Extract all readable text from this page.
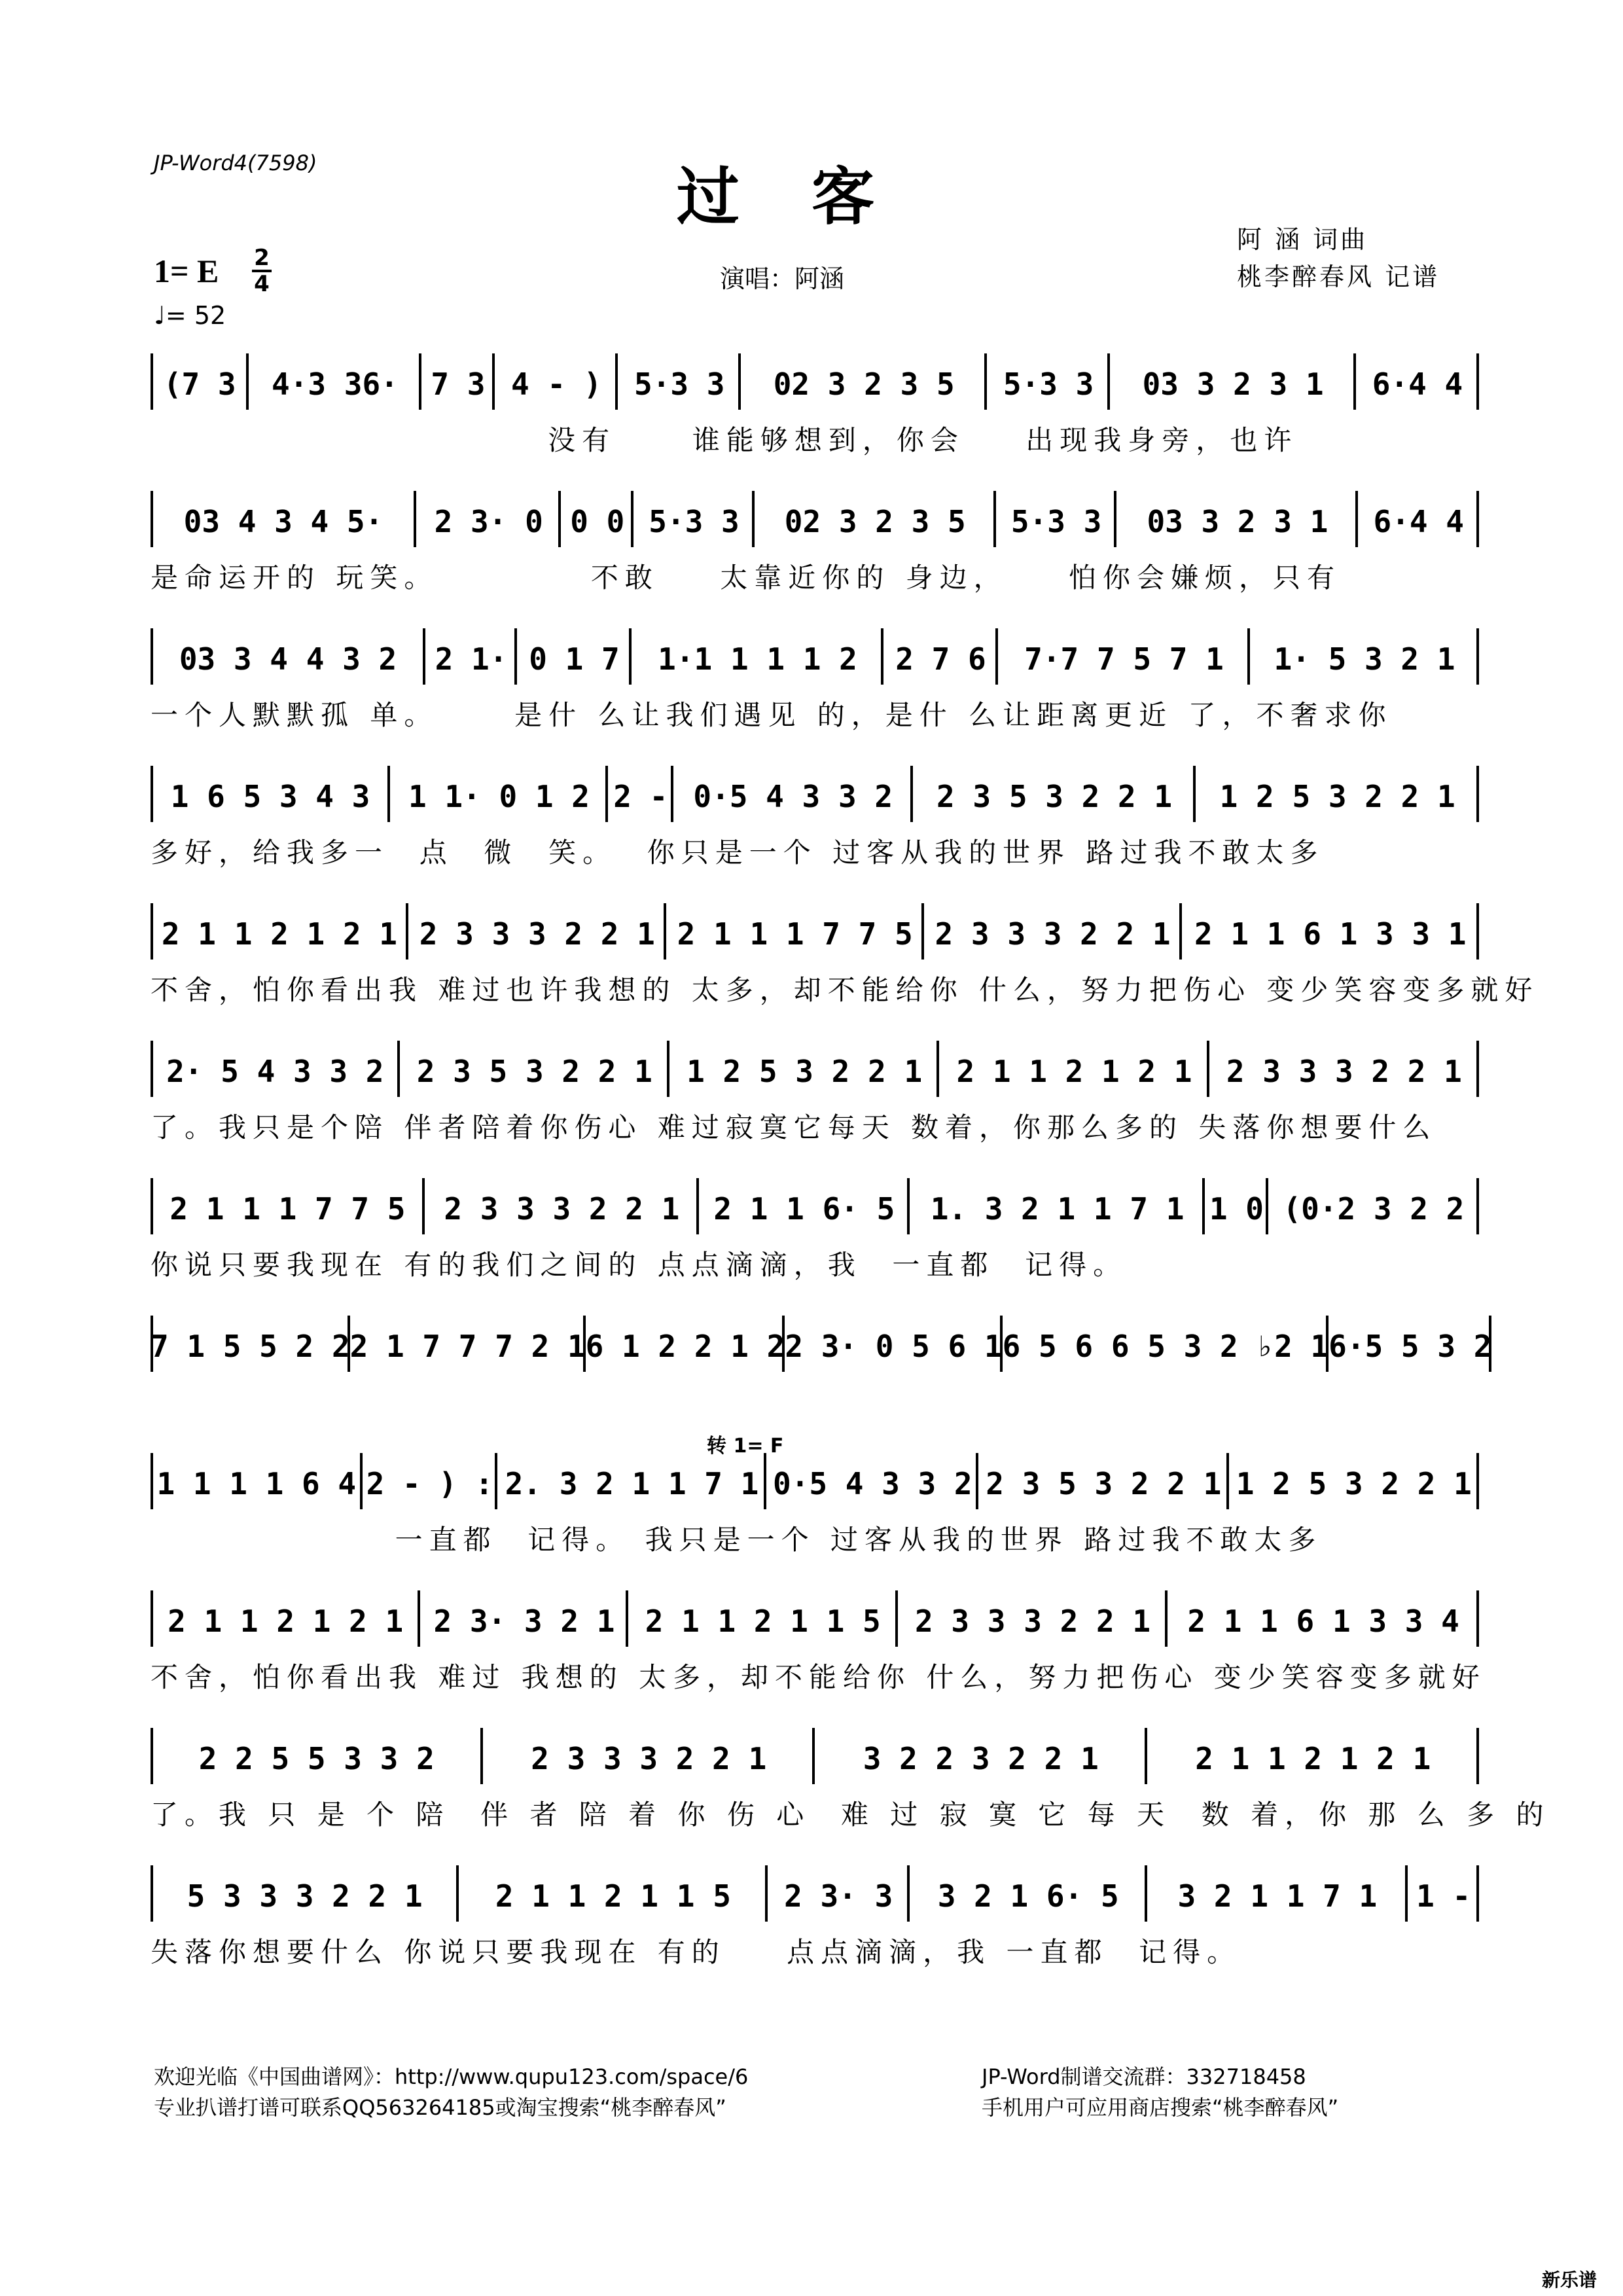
JP-Word4(7598)	过客
1= E 2
4
♩= 52
演唱：阿涵
阿 涵 词曲
桃李醉春风 记谱
(7 3 4·3 36· 7 3 4 - ) 5·3 3 02 3 2 3 5 5·3 3 03 3 2 3 1 6·4 4
没有     谁能够想到，你会    出现我身旁，也许
03 4 3 4 5· 2 3· 0 0 0 5·3 3 02 3 2 3 5 5·3 3 03 3 2 3 1 6·4 4
是命运开的 玩笑。          不敢    太靠近你的 身边，    怕你会嫌烦，只有
03 3 4 4 3 2 2 1· 0 1 7 1·1 1 1 1 2 2 7 6 7·7 7 5 7 1 1· 5 3 2 1
一个人默默孤 单。     是什 么让我们遇见 的，是什 么让距离更近 了，不奢求你
1 6 5 3 4 3 1 1· 0 1 2 2 - 0·5 4 3 3 2 2 3 5 3 2 2 1 1 2 5 3 2 2 1
多好，给我多一  点  微  笑。  你只是一个 过客从我的世界 路过我不敢太多
2 1 1 2 1 2 1 2 3 3 3 2 2 1 2 1 1 1 7 7 5 2 3 3 3 2 2 1 2 1 1 6 1 3 3 1
不舍，怕你看出我 难过也许我想的 太多，却不能给你 什么，努力把伤心 变少笑容变多就好
2· 5 4 3 3 2 2 3 5 3 2 2 1 1 2 5 3 2 2 1 2 1 1 2 1 2 1 2 3 3 3 2 2 1
了。我只是个陪 伴者陪着你伤心 难过寂寞它每天 数着，你那么多的 失落你想要什么
2 1 1 1 7 7 5 2 3 3 3 2 2 1 2 1 1 6· 5 1. 3 2 1 1 7 1 1 0 (0·2 3 2 2
你说只要我现在 有的我们之间的 点点滴滴，我  一直都  记得。
7 1 5 5 2 2 2 1 7 7 7 2 1 6 1 2 2 1 2 2 3· 0 5 6 1 6 5 6 6 5 3 2 ♭2 1 6·5 5 3 2
1 1 1 1 6 4 2 - ) : 2. 3 2 1 1 7 1 0·5 4 3 3 2 2 3 5 3 2 2 1 1 2 5 3 2 2 1
一直都  记得。 我只是一个 过客从我的世界 路过我不敢太多
转 1= F
2 1 1 2 1 2 1 2 3· 3 2 1 2 1 1 2 1 1 5 2 3 3 3 2 2 1 2 1 1 6 1 3 3 4
不舍，怕你看出我 难过 我想的 太多，却不能给你 什么，努力把伤心 变少笑容变多就好
2 2 5 5 3 3 2	2 3 3 3 2 2 1	3 2 2 3 2 2 1	2 1 1 2 1 2 1
了。我 只 是 个 陪  伴 者 陪 着 你 伤 心  难 过 寂 寞 它 每 天  数 着，你 那 么 多 的
5 3 3 3 2 2 1 2 1 1 2 1 1 5 2 3· 3 3 2 1 6· 5 3 2 1 1 7 1 1 -
失落你想要什么 你说只要我现在 有的    点点滴滴，我 一直都  记得。
欢迎光临《中国曲谱网》：http://www.qupu123.com/space/6
专业扒谱打谱可联系QQ563264185或淘宝搜索“桃李醉春风”
JP-Word制谱交流群：332718458
手机用户可应用商店搜索“桃李醉春风”
新乐谱
